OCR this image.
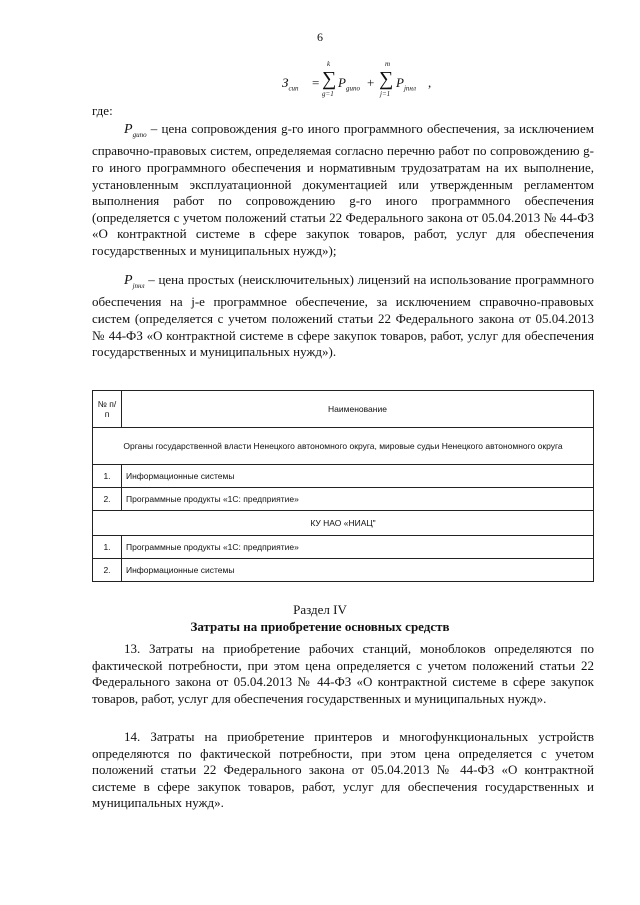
6
$З_{сип}$ =
k
∑
g=1
$P_{gипо}$ +
m
∑
j=1
$P_{jпнл}$ ,
где:
$P_{gипо}$ – цена сопровождения g-го иного программного обеспечения, за исключением справочно-правовых систем, определяемая согласно перечню работ по сопровождению g-го иного программного обеспечения и нормативным трудозатратам на их выполнение, установленным эксплуатационной документацией или утвержденным регламентом выполнения работ по сопровождению g-го иного программного обеспечения (определяется с учетом положений статьи 22 Федерального закона от 05.04.2013 № 44-ФЗ «О контрактной системе в сфере закупок товаров, работ, услуг для обеспечения государственных и муниципальных нужд»);
$P_{jпнл}$ – цена простых (неисключительных) лицензий на использование программного обеспечения на j-е программное обеспечение, за исключением справочно-правовых систем (определяется с учетом положений статьи 22 Федерального закона от 05.04.2013 № 44-ФЗ «О контрактной системе в сфере закупок товаров, работ, услуг для обеспечения государственных и муниципальных нужд»).
№ п/п	Наименование
Органы государственной власти Ненецкого автономного округа, мировые судьи Ненецкого автономного округа	
1.	Информационные системы
2.	Программные продукты «1С: предприятие»
КУ НАО «НИАЦ"	
1.	Программные продукты «1С: предприятие»
2.	Информационные системы
Раздел IV
Затраты на приобретение основных средств
13. Затраты на приобретение рабочих станций, моноблоков определяются по фактической потребности, при этом цена определяется с учетом положений статьи 22 Федерального закона от 05.04.2013 № 44-ФЗ «О контрактной системе в сфере закупок товаров, работ, услуг для обеспечения государственных и муниципальных нужд».
14. Затраты на приобретение принтеров и многофункциональных устройств определяются по фактической потребности, при этом цена определяется с учетом положений статьи 22 Федерального закона от 05.04.2013 № 44-ФЗ «О контрактной системе в сфере закупок товаров, работ, услуг для обеспечения государственных и муниципальных нужд».
